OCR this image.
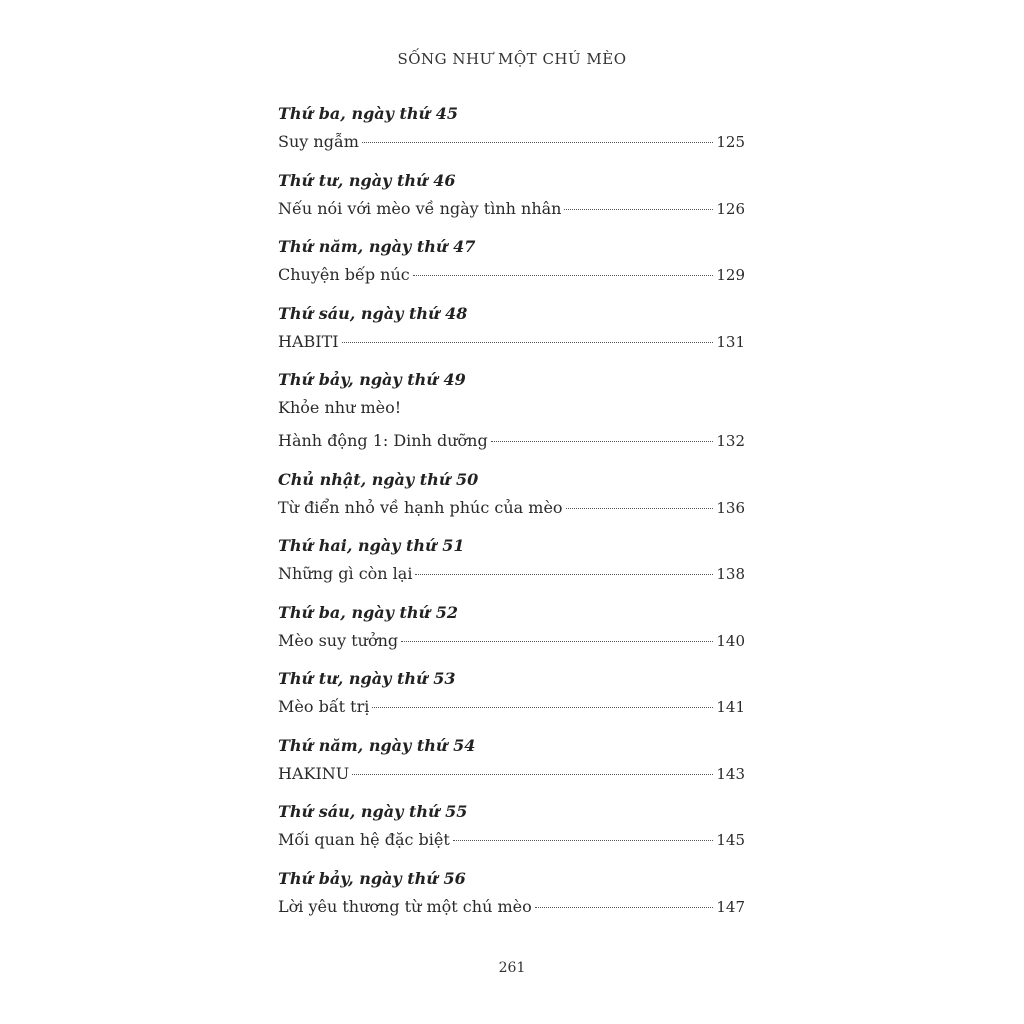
SỐNG NHƯ MỘT CHÚ MÈO
Thứ ba, ngày thứ 45
Suy ngẫm	125
Thứ tư, ngày thứ 46
Nếu nói với mèo về ngày tình nhân	126
Thứ năm, ngày thứ 47
Chuyện bếp núc	129
Thứ sáu, ngày thứ 48
HABITI	131
Thứ bảy, ngày thứ 49
Khỏe như mèo!
Hành động 1: Dinh dưỡng	132
Chủ nhật, ngày thứ 50
Từ điển nhỏ về hạnh phúc của mèo	136
Thứ hai, ngày thứ 51
Những gì còn lại	138
Thứ ba, ngày thứ 52
Mèo suy tưởng	140
Thứ tư, ngày thứ 53
Mèo bất trị	141
Thứ năm, ngày thứ 54
HAKINU	143
Thứ sáu, ngày thứ 55
Mối quan hệ đặc biệt	145
Thứ bảy, ngày thứ 56
Lời yêu thương từ một chú mèo	147
261
